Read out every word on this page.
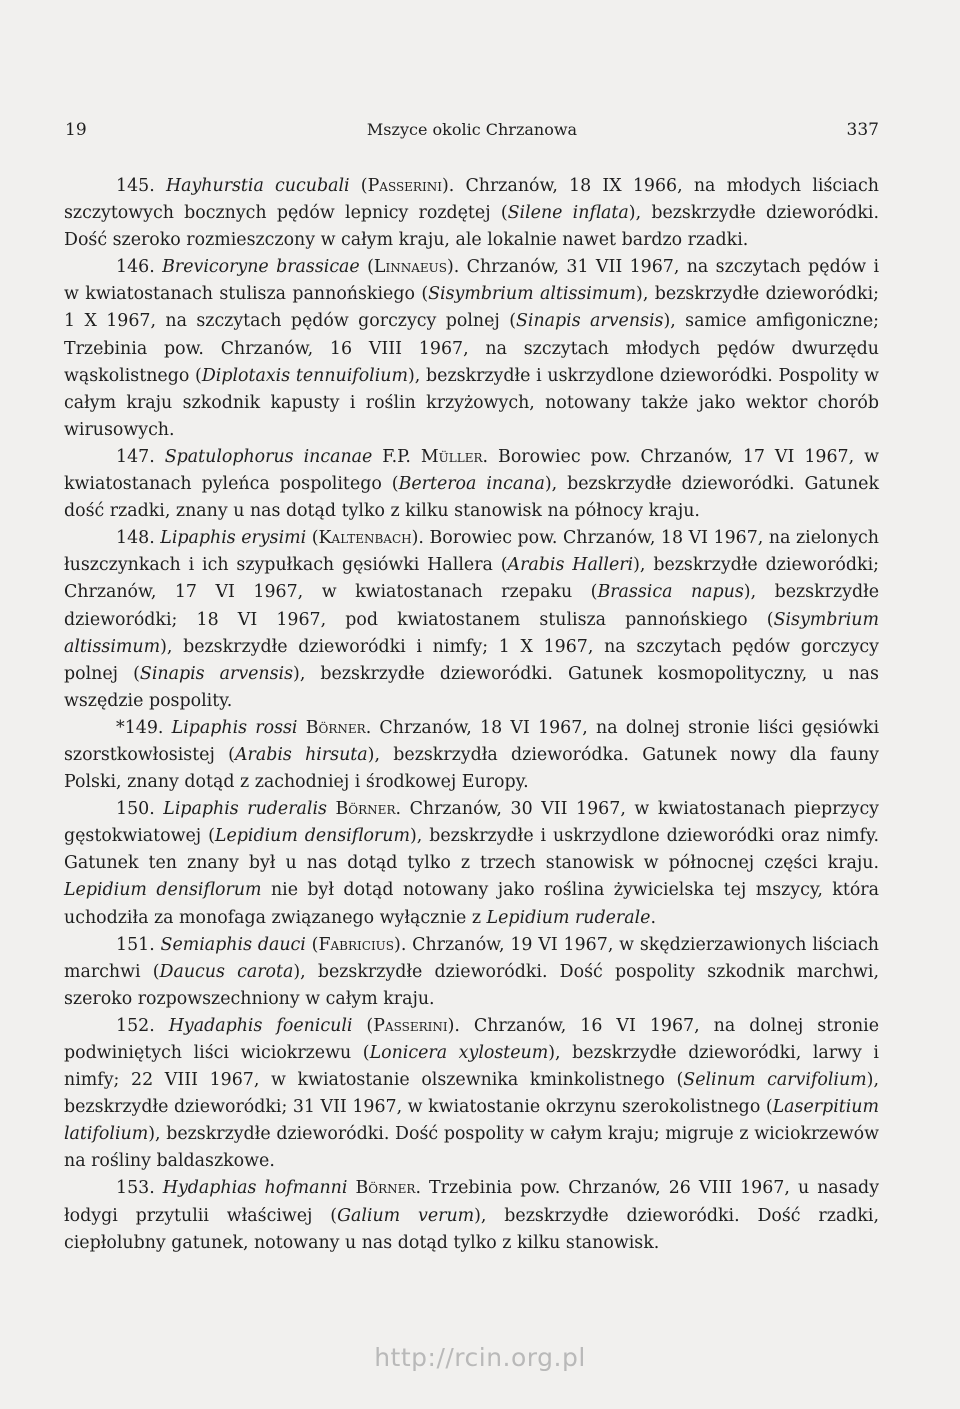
19	Mszyce okolic Chrzanowa	337

145. Hayhurstia cucubali (Passerini). Chrzanów, 18 IX 1966, na młodych liściach szczytowych bocznych pędów lepnicy rozdętej (Silene inflata), bezskrzydłe dzieworódki. Dość szeroko rozmieszczony w całym kraju, ale lokalnie nawet bardzo rzadki.

146. Brevicoryne brassicae (Linnaeus). Chrzanów, 31 VII 1967, na szczytach pędów i w kwiatostanach stulisza pannońskiego (Sisymbrium altissimum), bezskrzydłe dzieworódki; 1 X 1967, na szczytach pędów gorczycy polnej (Sinapis arvensis), samice amfigoniczne; Trzebinia pow. Chrzanów, 16 VIII 1967, na szczytach młodych pędów dwurzędu wąskolistnego (Diplotaxis tennuifolium), bezskrzydłe i uskrzydlone dzieworódki. Pospolity w całym kraju szkodnik kapusty i roślin krzyżowych, notowany także jako wektor chorób wirusowych.

147. Spatulophorus incanae F.P. Müller. Borowiec pow. Chrzanów, 17 VI 1967, w kwiatostanach pyleńca pospolitego (Berteroa incana), bezskrzydłe dzieworódki. Gatunek dość rzadki, znany u nas dotąd tylko z kilku stanowisk na północy kraju.

148. Lipaphis erysimi (Kaltenbach). Borowiec pow. Chrzanów, 18 VI 1967, na zielonych łuszczynkach i ich szypułkach gęsiówki Hallera (Arabis Halleri), bezskrzydłe dzieworódki; Chrzanów, 17 VI 1967, w kwiatostanach rzepaku (Brassica napus), bezskrzydłe dzieworódki; 18 VI 1967, pod kwiatostanem stulisza pannońskiego (Sisymbrium altissimum), bezskrzydłe dzieworódki i nimfy; 1 X 1967, na szczytach pędów gorczycy polnej (Sinapis arvensis), bezskrzydłe dzieworódki. Gatunek kosmopolityczny, u nas wszędzie pospolity.

*149. Lipaphis rossi Börner. Chrzanów, 18 VI 1967, na dolnej stronie liści gęsiówki szorstkowłosistej (Arabis hirsuta), bezskrzydła dzieworódka. Gatunek nowy dla fauny Polski, znany dotąd z zachodniej i środkowej Europy.

150. Lipaphis ruderalis Börner. Chrzanów, 30 VII 1967, w kwiatostanach pieprzycy gęstokwiatowej (Lepidium densiflorum), bezskrzydłe i uskrzydlone dzieworódki oraz nimfy. Gatunek ten znany był u nas dotąd tylko z trzech stanowisk w północnej części kraju. Lepidium densiflorum nie był dotąd notowany jako roślina żywicielska tej mszycy, która uchodziła za monofaga związanego wyłącznie z Lepidium ruderale.

151. Semiaphis dauci (Fabricius). Chrzanów, 19 VI 1967, w skędzierzawionych liściach marchwi (Daucus carota), bezskrzydłe dzieworódki. Dość pospolity szkodnik marchwi, szeroko rozpowszechniony w całym kraju.

152. Hyadaphis foeniculi (Passerini). Chrzanów, 16 VI 1967, na dolnej stronie podwiniętych liści wiciokrzewu (Lonicera xylosteum), bezskrzydłe dzieworódki, larwy i nimfy; 22 VIII 1967, w kwiatostanie olszewnika kminkolistnego (Selinum carvifolium), bezskrzydłe dzieworódki; 31 VII 1967, w kwiatostanie okrzynu szerokolistnego (Laserpitium latifolium), bezskrzydłe dzieworódki. Dość pospolity w całym kraju; migruje z wiciokrzewów na rośliny baldaszkowe.

153. Hydaphias hofmanni Börner. Trzebinia pow. Chrzanów, 26 VIII 1967, u nasady łodygi przytulii właściwej (Galium verum), bezskrzydłe dzieworódki. Dość rzadki, ciepłolubny gatunek, notowany u nas dotąd tylko z kilku stanowisk.

http://rcin.org.pl
